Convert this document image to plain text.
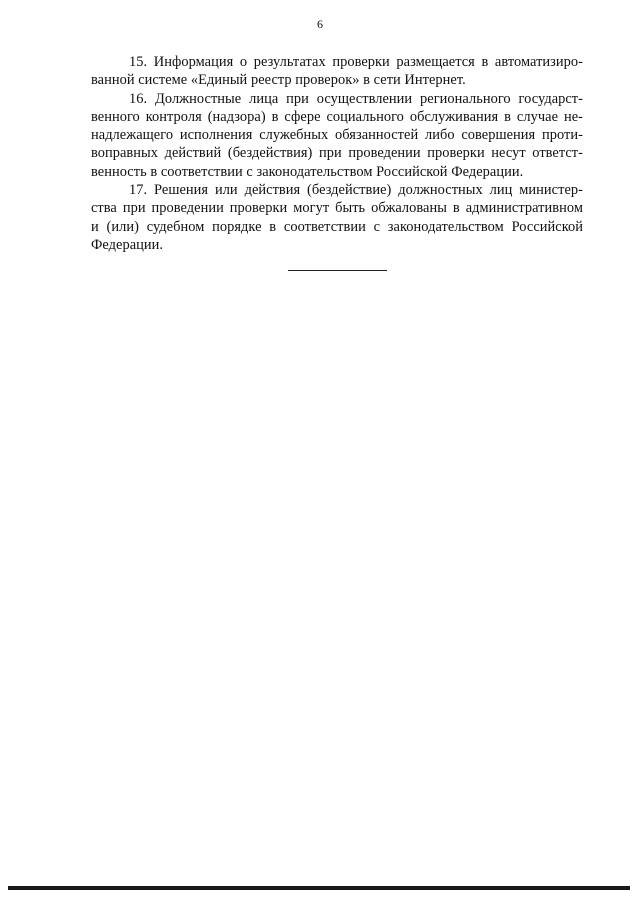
6

15. Информация о результатах проверки размещается в автоматизиро-
ванной системе «Единый реестр проверок» в сети Интернет.

16. Должностные лица при осуществлении регионального государст-
венного контроля (надзора) в сфере социального обслуживания в случае не-
надлежащего исполнения служебных обязанностей либо совершения проти-
воправных действий (бездействия) при проведении проверки несут ответст-
венность в соответствии с законодательством Российской Федерации.

17. Решения или действия (бездействие) должностных лиц министер-
ства при проведении проверки могут быть обжалованы в административном
и (или) судебном порядке в соответствии с законодательством Российской
Федерации.
